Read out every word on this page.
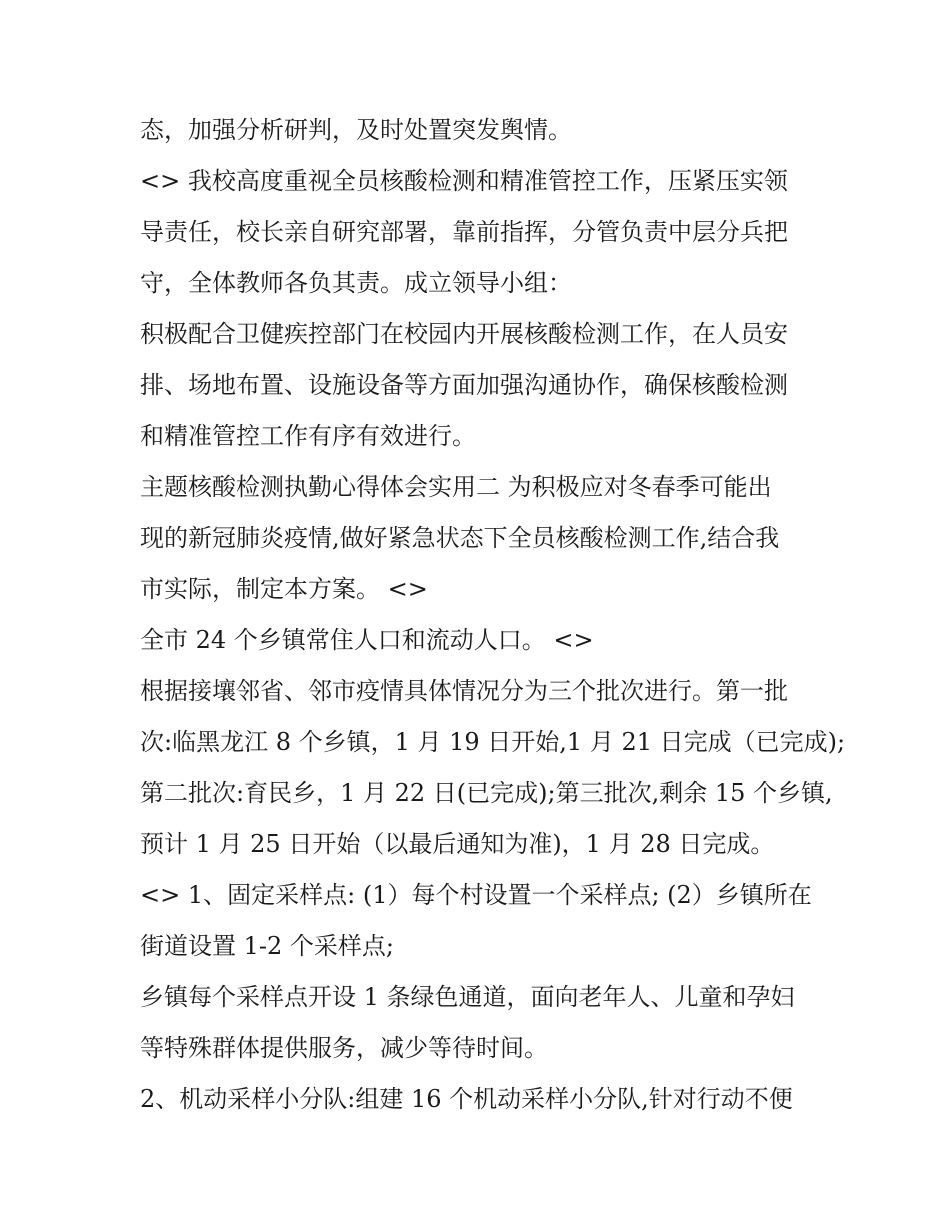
态，加强分析研判，及时处置突发舆情。

<> 我校高度重视全员核酸检测和精准管控工作，压紧压实领
导责任，校长亲自研究部署，靠前指挥，分管负责中层分兵把
守，全体教师各负其责。成立领导小组：

积极配合卫健疾控部门在校园内开展核酸检测工作，在人员安
排、场地布置、设施设备等方面加强沟通协作，确保核酸检测
和精准管控工作有序有效进行。

主题核酸检测执勤心得体会实用二 为积极应对冬春季可能出
现的新冠肺炎疫情,做好紧急状态下全员核酸检测工作,结合我
市实际，制定本方案。 <>

全市 24 个乡镇常住人口和流动人口。 <>

根据接壤邻省、邻市疫情具体情况分为三个批次进行。第一批
次:临黑龙江 8 个乡镇，1 月 19 日开始,1 月 21 日完成（已完成);
第二批次:育民乡，1 月 22 日(已完成);第三批次,剩余 15 个乡镇,
预计 1 月 25 日开始（以最后通知为准)，1 月 28 日完成。

<> 1、固定采样点: (1）每个村设置一个采样点; (2）乡镇所在
街道设置 1-2 个采样点;

乡镇每个采样点开设 1 条绿色通道，面向老年人、儿童和孕妇
等特殊群体提供服务，减少等待时间。

2、机动采样小分队:组建 16 个机动采样小分队,针对行动不便
